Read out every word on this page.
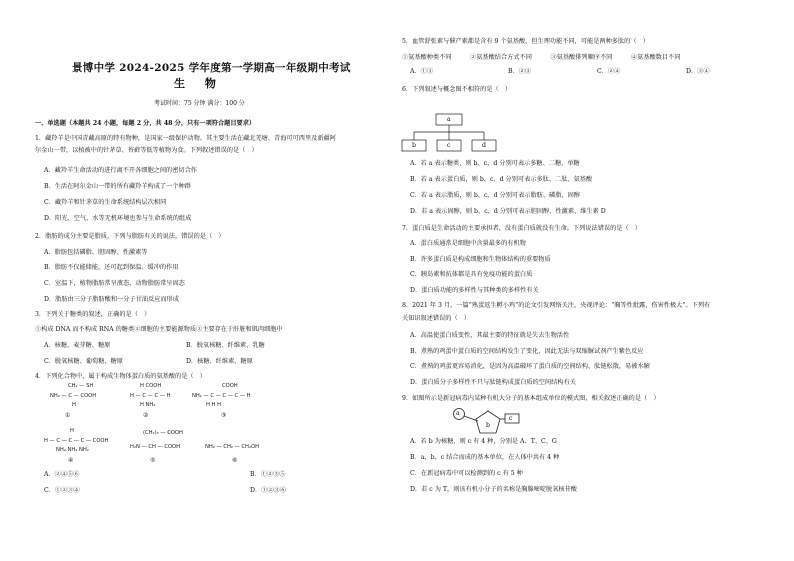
景博中学 2024-2025 学年度第一学期高一年级期中考试
生 物
考试时间：75 分钟 满分：100 分
一、单选题（本题共 24 小题，每题 2 分，共 48 分，只有一项符合题目要求）
1．藏羚羊是中国青藏高原的特有物种，是国家一级保护动物。其主要生活在藏北羌塘、青海可可西里及新疆阿
尔金山一带，以植被中的针茅草、苔藓等低等植物为食。下列叙述错误的是（　）
A．藏羚羊生命活动的进行离不开各细胞之间的密切合作
B．生活在阿尔金山一带的所有藏羚羊构成了一个种群
C．藏羚羊和针茅草的生命系统结构层次相同
D．阳光、空气、水等无机环境也参与生命系统的组成
2．脂肪的成分主要是脂质，下列与脂肪有关的说法，错误的是（　）
A．脂肪包括磷脂、胆固醇、性激素等
B．脂肪不仅能储能，还可起到保温、缓冲的作用
C．室温下，植物脂肪常呈液态，动物脂肪常呈固态
D．脂肪由三分子脂肪酸和一分子甘油反应而形成
3．下列关于糖类的叙述，正确的是（　）
①构成 DNA 而不构成 RNA 的糖类②细胞的主要能源物质③主要存在于肝脏和肌肉细胞中
A．核糖、麦芽糖、糖原	B．脱氧核糖、纤维素、乳糖
C．脱氧核糖、葡萄糖、糖原	D．核糖、纤维素、糖原
4．下列化合物中，属于构成生物体蛋白质的氨基酸的是（　）
CH₂ — SH
NH₂ — C — COOH
H
H COOH
H — C — C — H
H NH₂
COOH
NH₂ — C — C — C — H
H H H
①	②	③
H
H — C — C — C — COOH
NH₂ NH₂ NH₂
(CH₂)₃ — COOH
H₂N — CH — COOH	NH₂ — CH₂ — CH₂OH
④	⑤	⑥
A．②④⑤⑥	B．①②③⑤
C．①②③④	D．①②③⑥
5．血管舒张素与催产素都是含有 9 个氨基酸，但生理功能不同，可能是两种多肽的（　）
①氨基酸种类不同　　　②氨基酸结合方式不同　　　③氨基酸排列顺序不同　　　④氨基酸数目不同
A．①③	B．②③	C．②④	D．③④
6．下列叙述与概念图不相符的是（　）
a
b	c	d
A．若 a 表示糖类，则 b、c、d 分别可表示多糖、二糖、单糖
B．若 a 表示蛋白质，则 b、c、d 分别可表示多肽、二肽、氨基酸
C．若 a 表示脂质，则 b、c、d 分别可表示脂肪、磷脂、固醇
D．若 a 表示固醇，则 b、c、d 分别可表示胆固醇、性激素、维生素 D
7．蛋白质是生命活动的主要承担者，没有蛋白质就没有生命。下列说法错误的是（　）
A．蛋白质通常是细胞中含量最多的有机物
B．许多蛋白质是构成细胞和生物体结构的重要物质
C．胰岛素和抗体都是具有免疫功能的蛋白质
D．蛋白质功能的多样性与其种类的多样性有关
8．2021 年 3 月，一篇“熟蛋返生孵小鸡”的论文引发网络关注，央视评论：“胸等性批露，伤害性极大”。下列有
关知识叙述错误的（　）
A．高温使蛋白质变性，其最主要的特征就是失去生物活性
B．煮熟的鸡蛋中蛋白质的空间结构发生了变化，因此无法与双缩脲试剂产生紫色反应
C．煮熟的鸡蛋更容易消化，是因为高温破坏了蛋白质的空间结构，肽链松散，易被水解
D．蛋白质分子多样性不只与肽链构成蛋白质的空间结构有关
9．如图所示是新冠病毒内某种有机大分子的基本组成单位的模式图，相关叙述正确的是（　）
a
b
c
A．若 b 为核糖，则 c 有 4 种，分别是 A、T、C、G
B．a、b、c 结合而成的基本单位，在人体中共有 4 种
C．在新冠病毒中可以检测到的 c 有 5 种
D．若 c 为 T，则该有机小分子的名称是胸腺嘧啶脱氧核苷酸
